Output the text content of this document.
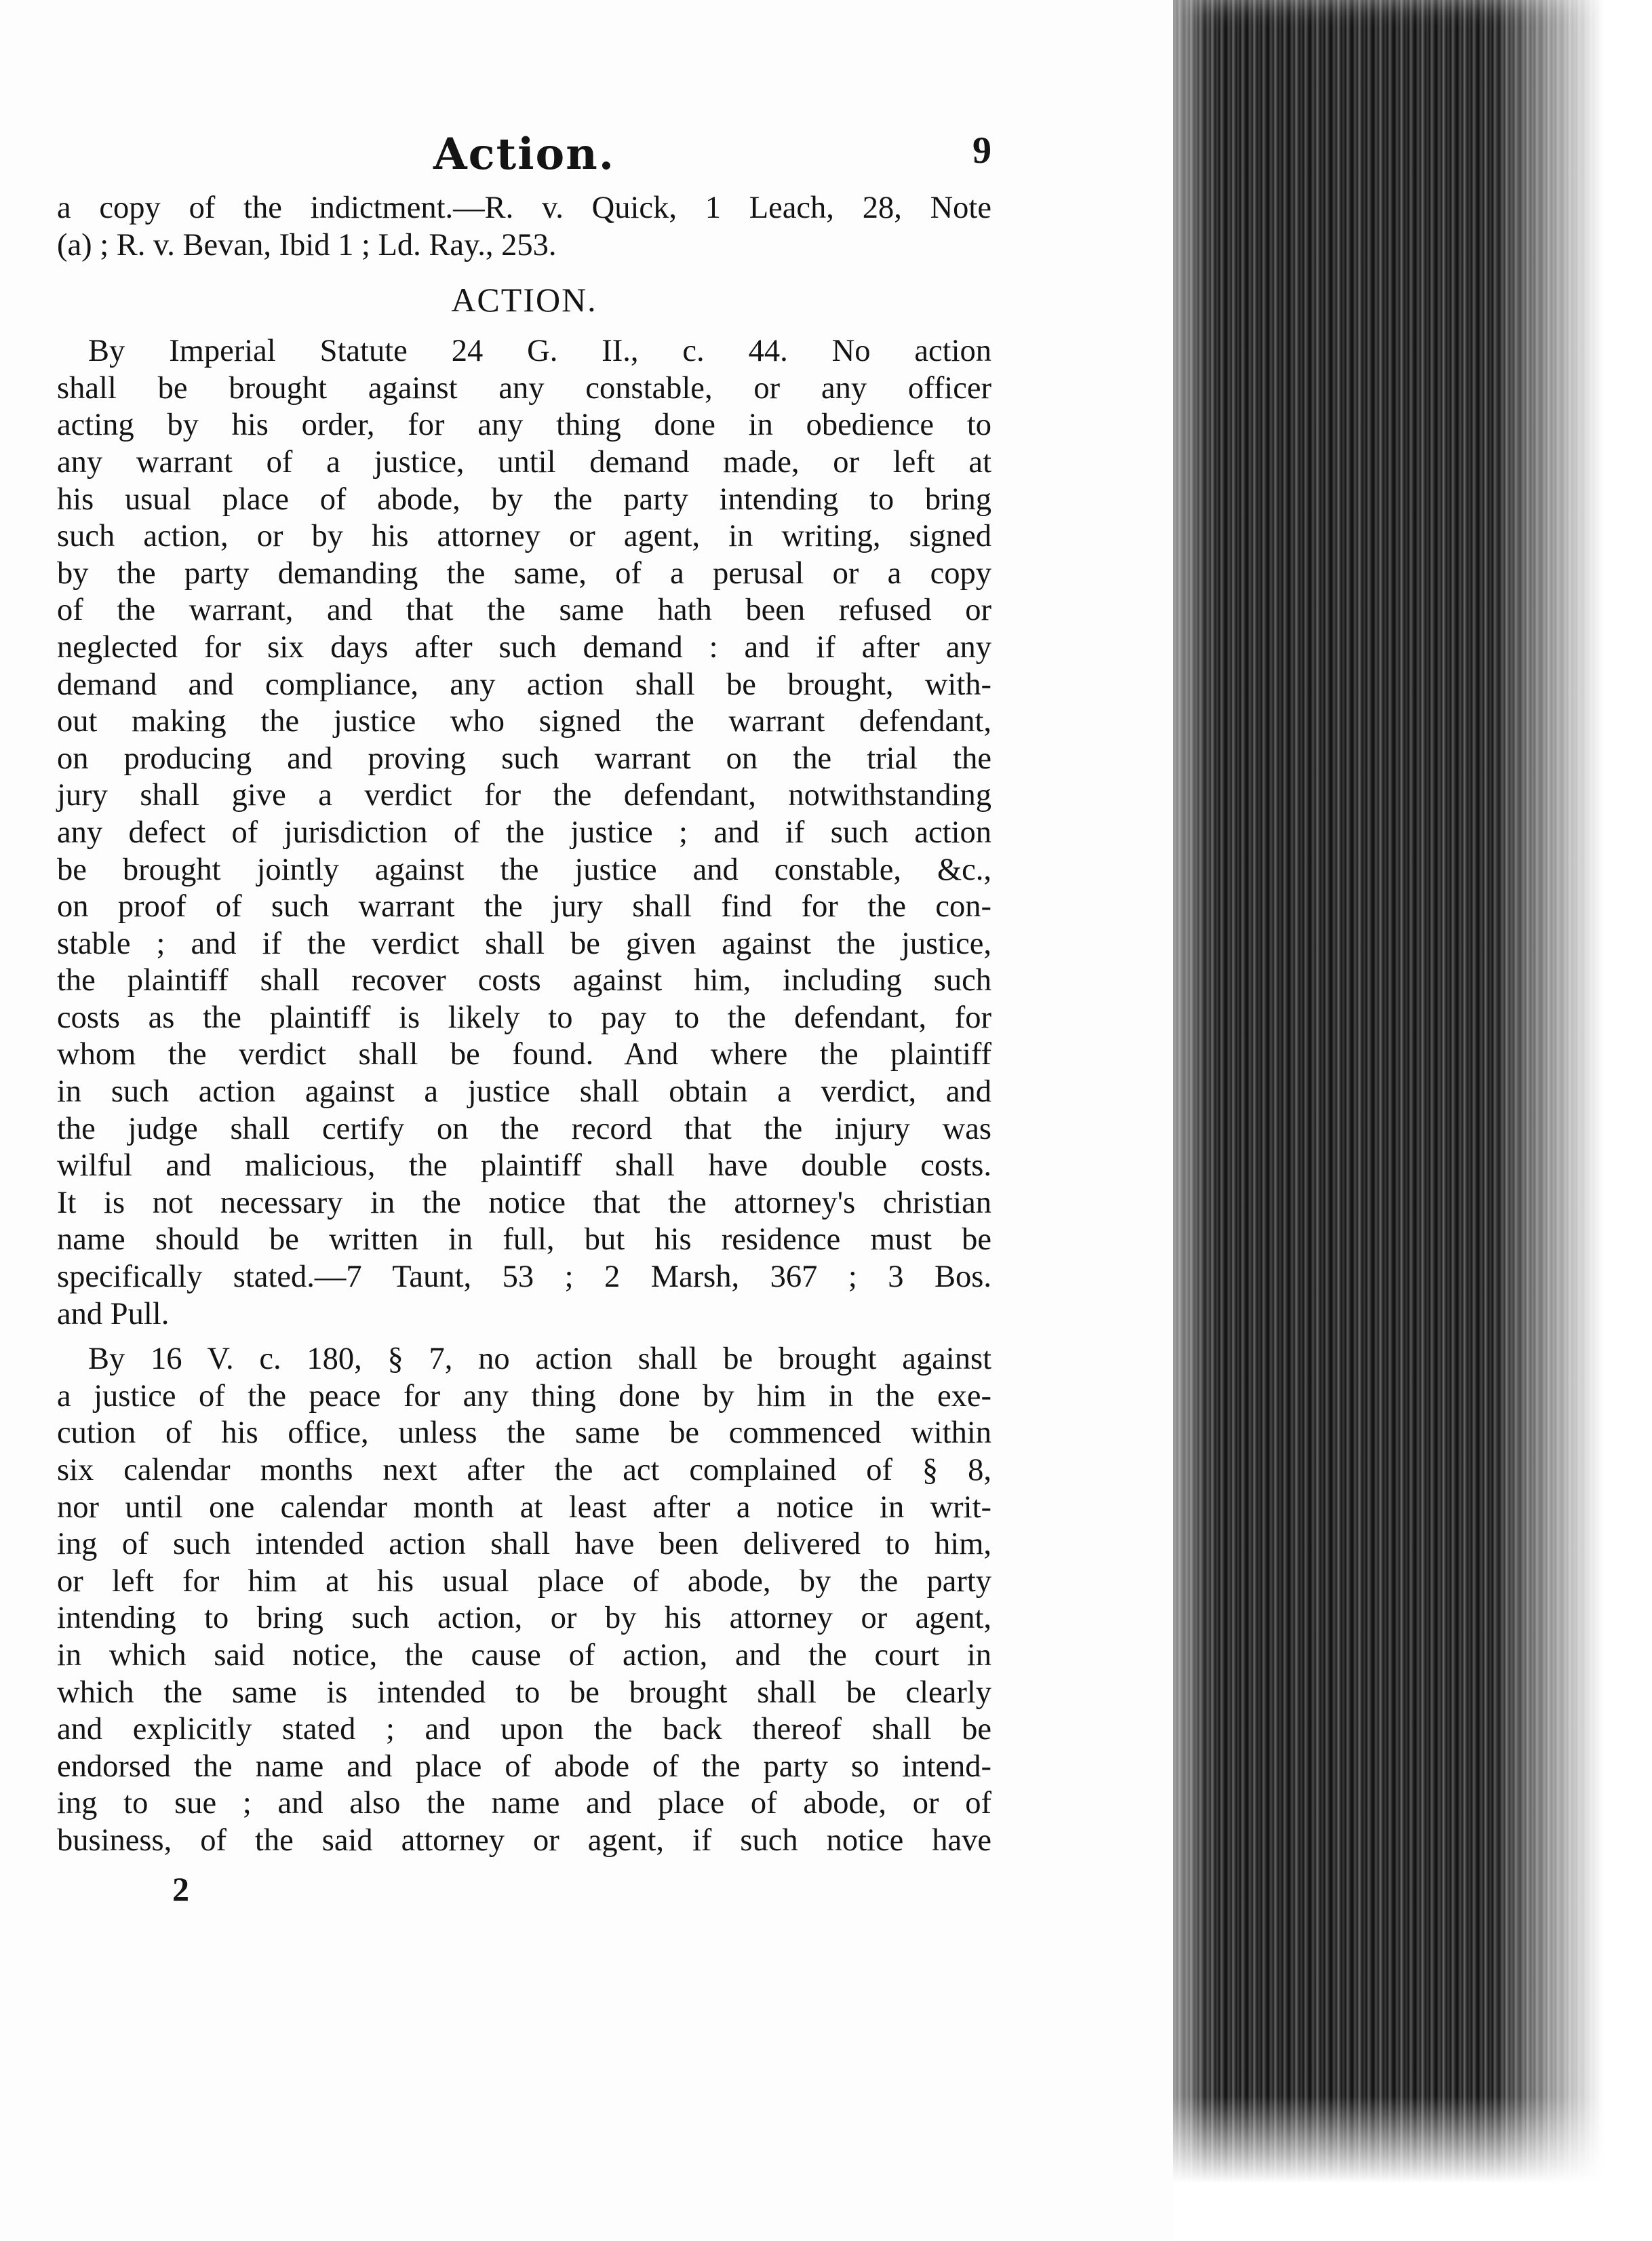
Action.	9
a copy of the indictment.—R. v. Quick, 1 Leach, 28, Note
(a) ; R. v. Bevan, Ibid 1 ; Ld. Ray., 253.
ACTION.
By Imperial Statute 24 G. II., c. 44. No action
shall be brought against any constable, or any officer
acting by his order, for any thing done in obedience to
any warrant of a justice, until demand made, or left at
his usual place of abode, by the party intending to bring
such action, or by his attorney or agent, in writing, signed
by the party demanding the same, of a perusal or a copy
of the warrant, and that the same hath been refused or
neglected for six days after such demand : and if after any
demand and compliance, any action shall be brought, with-
out making the justice who signed the warrant defendant,
on producing and proving such warrant on the trial the
jury shall give a verdict for the defendant, notwithstanding
any defect of jurisdiction of the justice ; and if such action
be brought jointly against the justice and constable, &c.,
on proof of such warrant the jury shall find for the con-
stable ; and if the verdict shall be given against the justice,
the plaintiff shall recover costs against him, including such
costs as the plaintiff is likely to pay to the defendant, for
whom the verdict shall be found. And where the plaintiff
in such action against a justice shall obtain a verdict, and
the judge shall certify on the record that the injury was
wilful and malicious, the plaintiff shall have double costs.
It is not necessary in the notice that the attorney's christian
name should be written in full, but his residence must be
specifically stated.—7 Taunt, 53 ; 2 Marsh, 367 ; 3 Bos.
and Pull.
By 16 V. c. 180, § 7, no action shall be brought against
a justice of the peace for any thing done by him in the exe-
cution of his office, unless the same be commenced within
six calendar months next after the act complained of § 8,
nor until one calendar month at least after a notice in writ-
ing of such intended action shall have been delivered to him,
or left for him at his usual place of abode, by the party
intending to bring such action, or by his attorney or agent,
in which said notice, the cause of action, and the court in
which the same is intended to be brought shall be clearly
and explicitly stated ; and upon the back thereof shall be
endorsed the name and place of abode of the party so intend-
ing to sue ; and also the name and place of abode, or of
business, of the said attorney or agent, if such notice have
2
